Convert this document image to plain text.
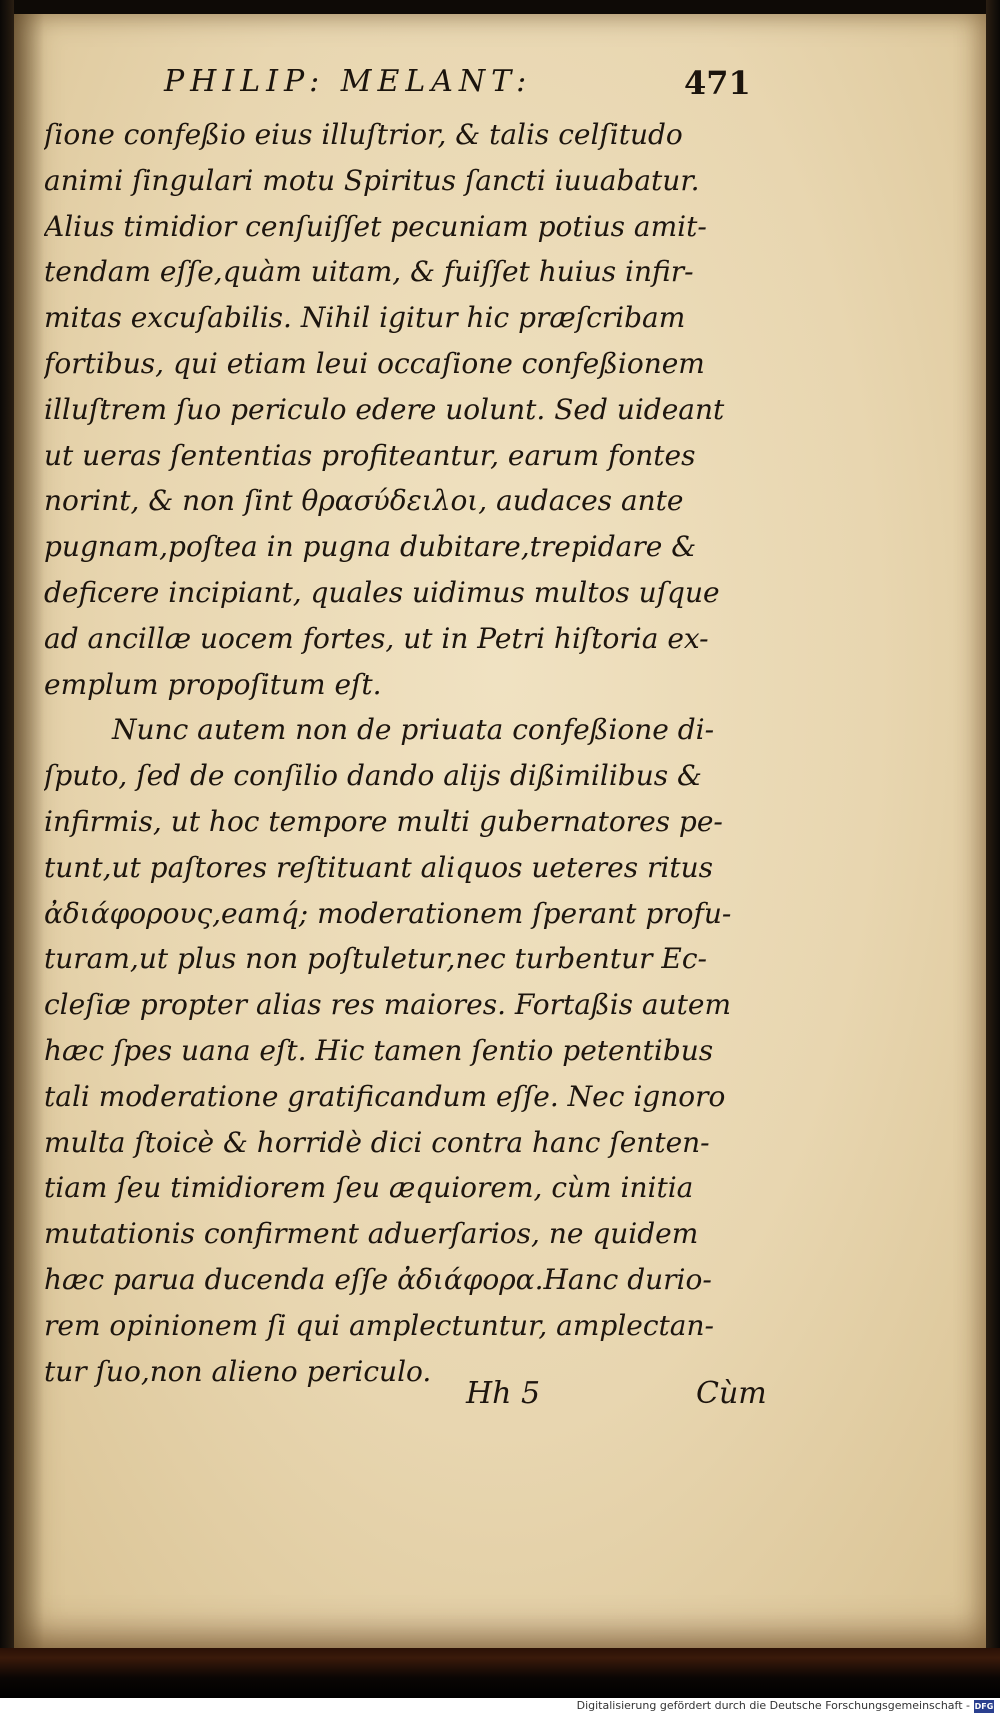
PHILIP: MELANT:	471
ſione confeßio eius illuſtrior, & talis celſitudo
animi ſingulari motu Spiritus ſancti iuuabatur.
Alius timidior cenſuiſſet pecuniam potius amit-
tendam eſſe,quàm uitam, & fuiſſet huius infir-
mitas excuſabilis. Nihil igitur hic præſcribam
fortibus, qui etiam leui occaſione confeßionem
illuſtrem ſuo periculo edere uolunt. Sed uideant
ut ueras ſententias profiteantur, earum fontes
norint, & non ſint θρασύδειλοι, audaces ante
pugnam,poſtea in pugna dubitare,trepidare &
deficere incipiant, quales uidimus multos uſque
ad ancillæ uocem fortes, ut in Petri hiſtoria ex-
emplum propoſitum eſt.
Nunc autem non de priuata confeßione di-
ſputo, ſed de conſilio dando alijs dißimilibus &
infirmis, ut hoc tempore multi gubernatores pe-
tunt,ut paſtores reſtituant aliquos ueteres ritus
ἀδιάφορους,eamq́; moderationem ſperant profu-
turam,ut plus non poſtuletur,nec turbentur Ec-
cleſiæ propter alias res maiores. Fortaßis autem
hæc ſpes uana eſt. Hic tamen ſentio petentibus
tali moderatione gratificandum eſſe. Nec ignoro
multa ſtoicè & horridè dici contra hanc ſenten-
tiam ſeu timidiorem ſeu æquiorem, cùm initia
mutationis confirment aduerſarios, ne quidem
hæc parua ducenda eſſe ἀδιάφορα.Hanc durio-
rem opinionem ſi qui amplectuntur, amplectan-
tur ſuo,non alieno periculo.
Hh 5	Cùm
Digitalisierung gefördert durch die Deutsche Forschungsgemeinschaft - DFG
